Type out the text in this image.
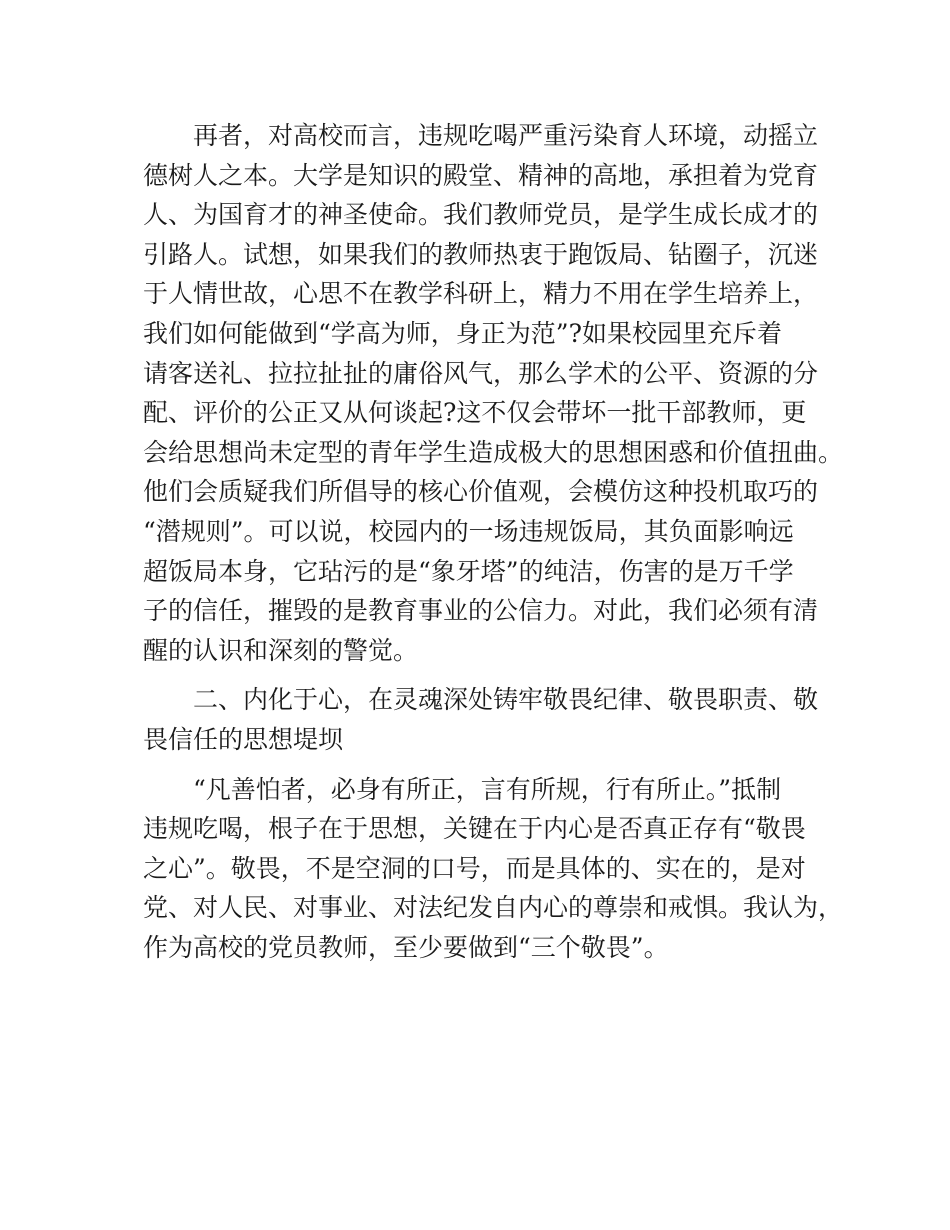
　　再者，对高校而言，违规吃喝严重污染育人环境，动摇立
德树人之本。大学是知识的殿堂、精神的高地，承担着为党育
人、为国育才的神圣使命。我们教师党员，是学生成长成才的
引路人。试想，如果我们的教师热衷于跑饭局、钻圈子，沉迷
于人情世故，心思不在教学科研上，精力不用在学生培养上，
我们如何能做到“学高为师，身正为范”?如果校园里充斥着
请客送礼、拉拉扯扯的庸俗风气，那么学术的公平、资源的分
配、评价的公正又从何谈起?这不仅会带坏一批干部教师，更
会给思想尚未定型的青年学生造成极大的思想困惑和价值扭曲。
他们会质疑我们所倡导的核心价值观，会模仿这种投机取巧的
“潜规则”。可以说，校园内的一场违规饭局，其负面影响远
超饭局本身，它玷污的是“象牙塔”的纯洁，伤害的是万千学
子的信任，摧毁的是教育事业的公信力。对此，我们必须有清
醒的认识和深刻的警觉。
　　二、内化于心，在灵魂深处铸牢敬畏纪律、敬畏职责、敬
畏信任的思想堤坝
　　“凡善怕者，必身有所正，言有所规，行有所止。”抵制
违规吃喝，根子在于思想，关键在于内心是否真正存有“敬畏
之心”。敬畏，不是空洞的口号，而是具体的、实在的，是对
党、对人民、对事业、对法纪发自内心的尊崇和戒惧。我认为，
作为高校的党员教师，至少要做到“三个敬畏”。
